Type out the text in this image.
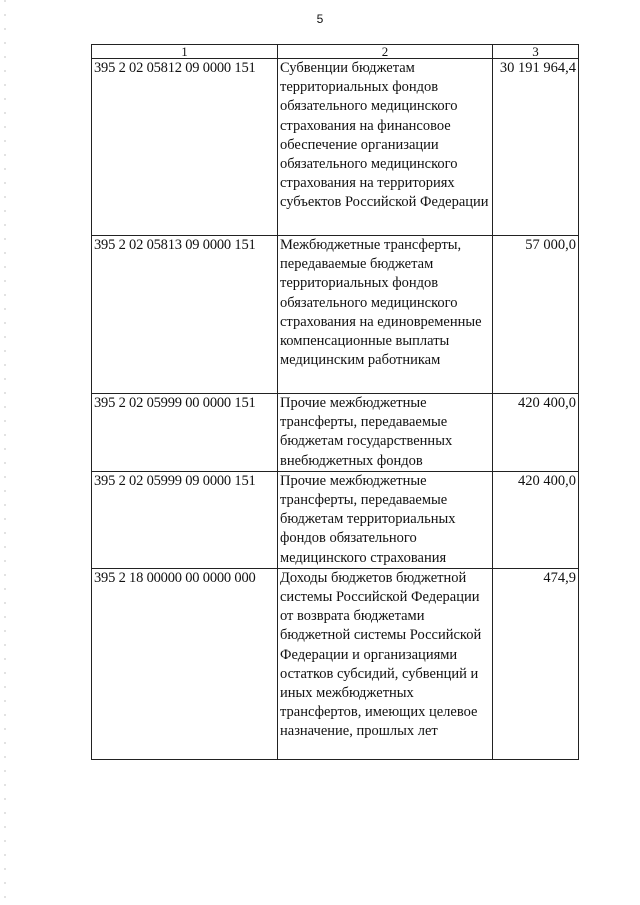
5
1	2	3
395 2 02 05812 09 0000 151	Субвенции бюджетам территориальных фондов обязательного медицинского страхования на финансовое обеспечение организации обязательного медицинского страхования на территориях субъектов Российской Федерации	30 191 964,4
395 2 02 05813 09 0000 151	Межбюджетные трансферты, передаваемые бюджетам территориальных фондов обязательного медицинского страхования на единовременные компенсационные выплаты медицинским работникам	57 000,0
395 2 02 05999 00 0000 151	Прочие межбюджетные трансферты, передаваемые бюджетам государственных внебюджетных фондов	420 400,0
395 2 02 05999 09 0000 151	Прочие межбюджетные трансферты, передаваемые бюджетам территориальных фондов обязательного медицинского страхования	420 400,0
395 2 18 00000 00 0000 000	Доходы бюджетов бюджетной системы Российской Федерации от возврата бюджетами бюджетной системы Российской Федерации и организациями остатков субсидий, субвенций и иных межбюджетных трансфертов, имеющих целевое назначение, прошлых лет	474,9
